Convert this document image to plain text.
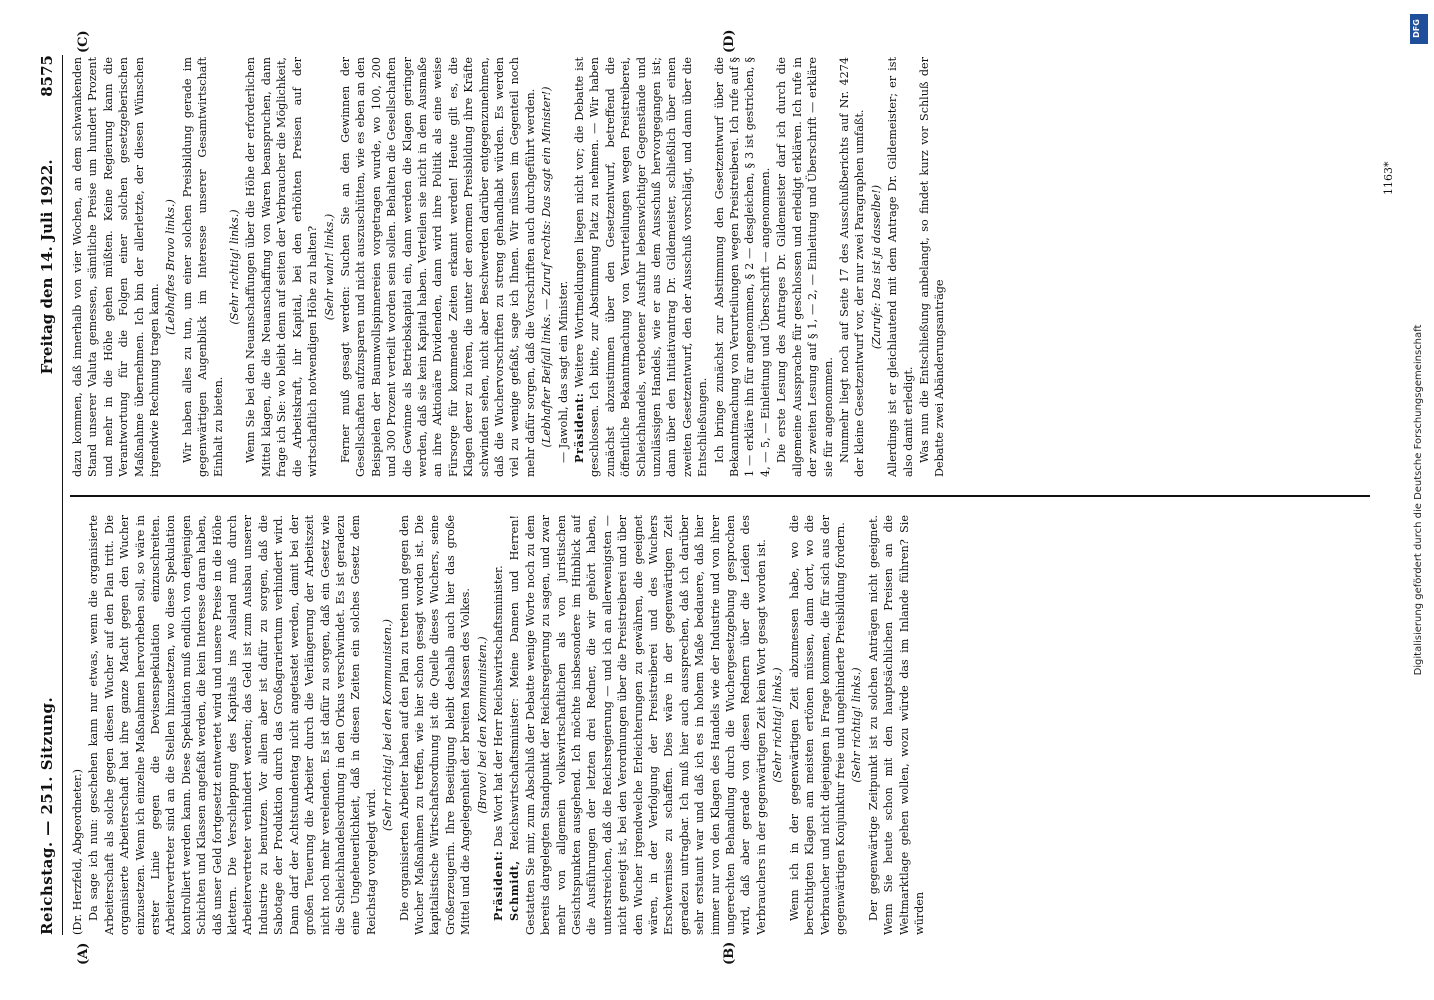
Reichstag. — 251. Sitzung.
Freitag den 14. Juli 1922.            8575
(A)	(B)
(C)	(D)

(Dr. Herzfeld, Abgeordneter.) Da sage ich nun: geschehen kann nur etwas, wenn die organisierte Arbeiterschaft als solche gegen diesen Wucher auf den Plan tritt. Die organisierte Arbeiterschaft hat ihre ganze Macht gegen den Wucher einzusetzen. Wenn ich einzelne Maßnahmen hervorheben soll, so wäre in erster Linie gegen die Devisenspekulation einzuschreiten. Arbeitervertreter sind an die Stellen hinzusetzen, wo diese Spekulation kontrolliert werden kann. Diese Spekulation muß endlich von denjenigen Schichten und Klassen angefaßt werden, die kein Interesse daran haben, daß unser Geld fortgesetzt entwertet wird und unsere Preise in die Höhe klettern. Die Verschleppung des Kapitals ins Ausland muß durch Arbeitervertreter verhindert werden; das Geld ist zum Ausbau unserer Industrie zu benutzen. Vor allem aber ist dafür zu sorgen, daß die Sabotage der Produktion durch das Großagrariertum verhindert wird. Dann darf der Achtstundentag nicht angetastet werden, damit bei der großen Teuerung die Arbeiter durch die Verlängerung der Arbeitszeit nicht noch mehr verelenden. Es ist dafür zu sorgen, daß ein Gesetz wie die Schleichhandelsordnung in den Orkus verschwindet. Es ist geradezu eine Ungeheuerlichkeit, daß in diesen Zeiten ein solches Gesetz dem Reichstag vorgelegt wird.

(Sehr richtig! bei den Kommunisten.) Die organisierten Arbeiter haben auf den Plan zu treten und gegen den Wucher Maßnahmen zu treffen, wie hier schon gesagt worden ist. Die kapitalistische Wirtschaftsordnung ist die Quelle dieses Wuchers, seine Großerzeugerin. Ihre Beseitigung bleibt deshalb auch hier das große Mittel und die Angelegenheit der breiten Massen des Volkes. (Bravo! bei den Kommunisten.)

Präsident: Das Wort hat der Herr Reichswirtschaftsminister.

Schmidt, Reichswirtschaftsminister: Meine Damen und Herren! Gestatten Sie mir, zum Abschluß der Debatte wenige Worte noch zu dem bereits dargelegten Standpunkt der Reichsregierung zu sagen, und zwar mehr von allgemein volkswirtschaftlichen als von juristischen Gesichtspunkten ausgehend. Ich möchte insbesondere im Hinblick auf die Ausführungen der letzten drei Redner, die wir gehört haben, unterstreichen, daß die Reichsregierung — und ich an allerwenigsten — nicht geneigt ist, bei den Verordnungen über die Preistreiberei und über den Wucher irgendwelche Erleichterungen zu gewähren, die geeignet wären, in der Verfolgung der Preistreiberei und des Wuchers Erschwernisse zu schaffen. Dies wäre in der gegenwärtigen Zeit geradezu untragbar. Ich muß hier auch aussprechen, daß ich darüber sehr erstaunt war und daß ich es in hohem Maße bedauere, daß hier immer nur von den Klagen des Handels wie der Industrie und von ihrer ungerechten Behandlung durch die Wuchergesetzgebung gesprochen wird, daß aber gerade von diesen Rednern über die Leiden des Verbrauchers in der gegenwärtigen Zeit kein Wort gesagt worden ist. (Sehr richtig! links.) Wenn ich in der gegenwärtigen Zeit abzumessen habe, wo die berechtigten Klagen am meisten ertönen müssen, dann dort, wo die Verbraucher und nicht diejenigen in Frage kommen, die für sich aus der gegenwärtigen Konjunktur freie und ungehinderte Preisbildung fordern. (Sehr richtig! links.) Der gegenwärtige Zeitpunkt ist zu solchen Anträgen nicht geeignet. Wenn Sie heute schon mit den hauptsächlichen Preisen an die Weltmarktlage gehen wollen, wozu würde das im Inlande führen? Sie würden

dazu kommen, daß innerhalb von vier Wochen, an dem schwankenden Stand unserer Valuta gemessen, sämtliche Preise um hundert Prozent und mehr in die Höhe gehen müßten. Keine Regierung kann die Verantwortung für die Folgen einer solchen gesetzgeberischen Maßnahme übernehmen. Ich bin der allerletzte, der diesen Wünschen irgendwie Rechnung tragen kann.

(Lebhaftes Bravo links.) Wir haben alles zu tun, um einer solchen Preisbildung gerade im gegenwärtigen Augenblick im Interesse unserer Gesamtwirtschaft Einhalt zu bieten.

(Sehr richtig! links.) Wenn Sie bei den Neuanschaffungen über die Höhe der erforderlichen Mittel klagen, die die Neuanschaffung von Waren beanspruchen, dann frage ich Sie: wo bleibt denn auf seiten der Verbraucher die Möglichkeit, die Arbeitskraft, ihr Kapital, bei den erhöhten Preisen auf der wirtschaftlich notwendigen Höhe zu halten? (Sehr wahr! links.) Ferner muß gesagt werden: Suchen Sie an den Gewinnen der Gesellschaften aufzusparen und nicht auszuschütten, wie es eben an den Beispielen der Baumwollspinnereien vorgetragen wurde, wo 100, 200 und 300 Prozent verteilt worden sein sollen. Behalten die Gesellschaften die Gewinne als Betriebskapital ein, dann werden die Klagen geringer werden, daß sie kein Kapital haben. Verteilen sie nicht in dem Ausmaße an ihre Aktionäre Dividenden, dann wird ihre Politik als eine weise Fürsorge für kommende Zeiten erkannt werden! Heute gilt es, die Klagen derer zu hören, die unter der enormen Preisbildung ihre Kräfte schwinden sehen, nicht aber Beschwerden darüber entgegenzunehmen, daß die Wuchervorschriften zu streng gehandhabt würden. Es werden viel zu wenige gefaßt, sage ich Ihnen. Wir müssen im Gegenteil noch mehr dafür sorgen, daß die Vorschriften auch durchgeführt werden. (Lebhafter Beifall links. — Zuruf rechts: Das sagt ein Minister!) — Jawohl, das sagt ein Minister. Präsident: Weitere Wortmeldungen liegen nicht vor; die Debatte ist geschlossen. Ich bitte, zur Abstimmung Platz zu nehmen. — Wir haben zunächst abzustimmen über den Gesetzentwurf, betreffend die öffentliche Bekanntmachung von Verurteilungen wegen Preistreiberei, Schleichhandels, verbotener Ausfuhr lebenswichtiger Gegenstände und unzulässigen Handels, wie er aus dem Ausschuß hervorgegangen ist; dann über den Initiativantrag Dr. Gildemeister, schließlich über einen zweiten Gesetzentwurf, den der Ausschuß vorschlägt, und dann über die Entschließungen. Ich bringe zunächst zur Abstimmung den Gesetzentwurf über die Bekanntmachung von Verurteilungen wegen Preistreiberei. Ich rufe auf § 1 — erkläre ihn für angenommen, § 2 — desgleichen, § 3 ist gestrichen, § 4, — 5, — Einleitung und Überschrift — angenommen. Die erste Lesung des Antrages Dr. Gildemeister darf ich durch die allgemeine Aussprache für geschlossen und erledigt erklären. Ich rufe in der zweiten Lesung auf § 1, — 2, — Einleitung und Überschrift — erkläre sie für angenommen. Nunmehr liegt noch auf Seite 17 des Ausschußberichts auf Nr. 4274 der kleine Gesetzentwurf vor, der nur zwei Paragraphen umfaßt. (Zurufe: Das ist ja dasselbe!) Allerdings ist er gleichlautend mit dem Antrage Dr. Gildemeister; er ist also damit erledigt. Was nun die Entschließung anbelangt, so findet kurz vor Schluß der Debatte zwei Abänderungsanträge

1163*
DFG
Digitalisierung gefördert durch die Deutsche Forschungsgemeinschaft
